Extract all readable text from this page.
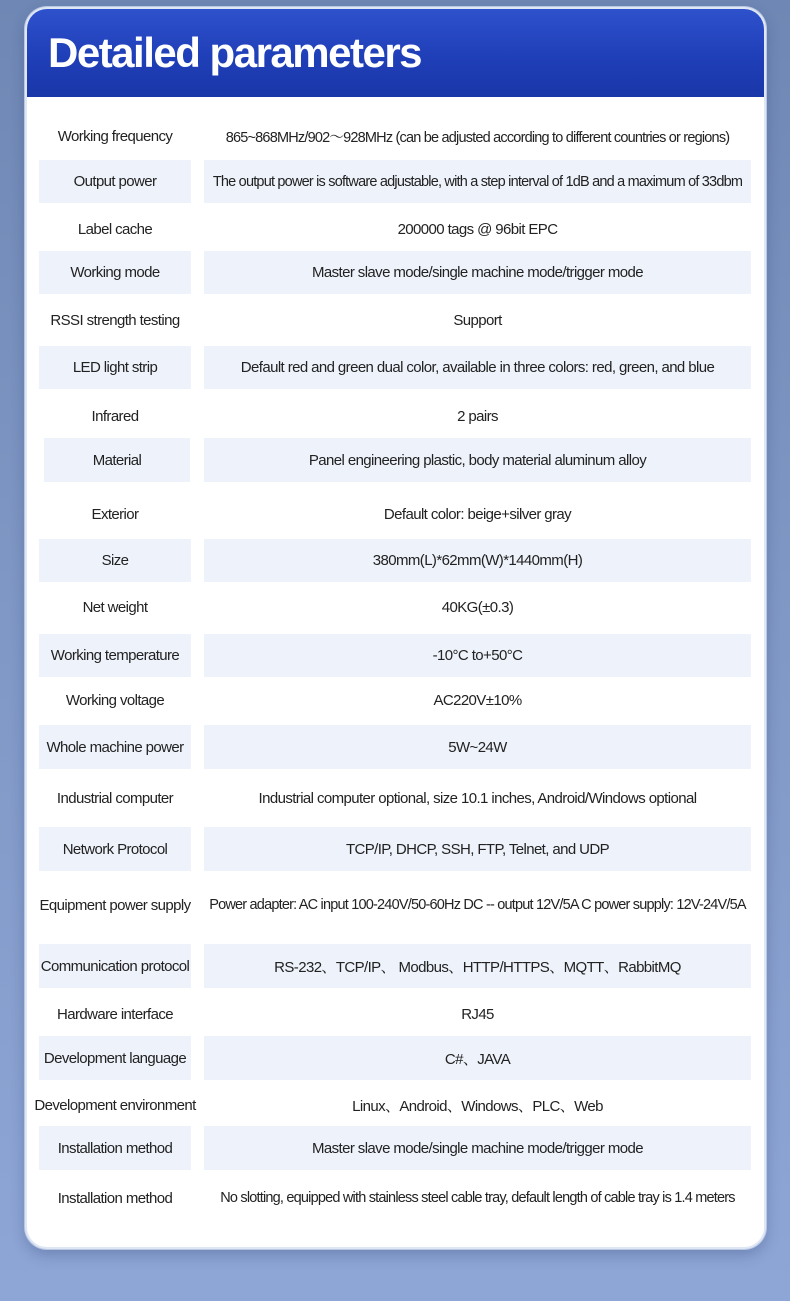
Detailed parameters
Working frequency	865~868MHz/902～928MHz (can be adjusted according to different countries or regions)
Output power	The output power is software adjustable, with a step interval of 1dB and a maximum of 33dbm
Label cache	200000 tags @ 96bit EPC
Working mode	Master slave mode/single machine mode/trigger mode
RSSI strength testing	Support
LED light strip	Default red and green dual color, available in three colors: red, green, and blue
Infrared	2 pairs
Material	Panel engineering plastic, body material aluminum alloy
Exterior	Default color: beige+silver gray
Size	380mm(L)*62mm(W)*1440mm(H)
Net weight	40KG(±0.3)
Working temperature	-10°C to+50°C
Working voltage	AC220V±10%
Whole machine power	5W~24W
Industrial computer	Industrial computer optional, size 10.1 inches, Android/Windows optional
Network Protocol	TCP/IP, DHCP, SSH, FTP, Telnet, and UDP
Equipment power supply	Power adapter: AC input 100-240V/50-60Hz DC -- output 12V/5A C power supply: 12V-24V/5A
Communication protocol	RS-232、TCP/IP、 Modbus、HTTP/HTTPS、MQTT、RabbitMQ
Hardware interface	RJ45
Development language	C#、JAVA
Development environment	Linux、Android、Windows、PLC、Web
Installation method	Master slave mode/single machine mode/trigger mode
Installation method	No slotting, equipped with stainless steel cable tray, default length of cable tray is 1.4 meters
